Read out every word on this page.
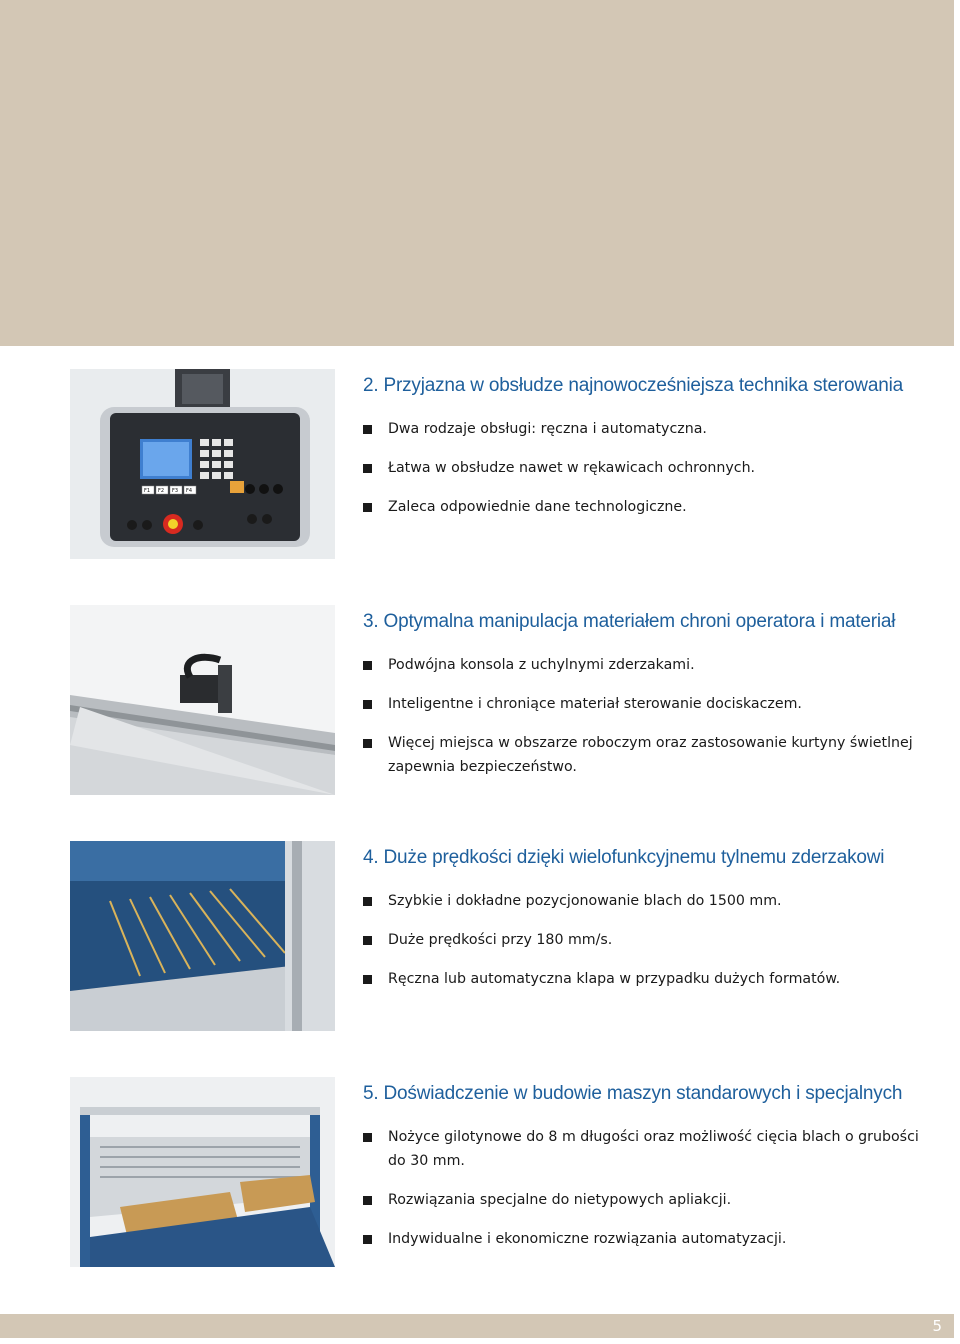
F1 F2 F3 F4
2. Przyjazna w obsłudze najnowocześniejsza technika sterowania
Dwa rodzaje obsługi: ręczna i automatyczna.
Łatwa w obsłudze nawet w rękawicach ochronnych.
Zaleca odpowiednie dane technologiczne.
3. Optymalna manipulacja materiałem chroni operatora i materiał
Podwójna konsola z uchylnymi zderzakami.
Inteligentne i chroniące materiał sterowanie dociskaczem.
Więcej miejsca w obszarze roboczym oraz zastosowanie kurtyny świetlnej zapewnia bezpieczeństwo.
4. Duże prędkości dzięki wielofunkcyjnemu tylnemu zderzakowi
Szybkie i dokładne pozycjonowanie blach do 1500 mm.
Duże prędkości przy 180 mm/s.
Ręczna lub automatyczna klapa w przypadku dużych formatów.
5. Doświadczenie w budowie maszyn standarowych i specjalnych
Nożyce gilotynowe do 8 m długości oraz możliwość cięcia blach o grubości do 30 mm.
Rozwiązania specjalne do nietypowych apliakcji.
Indywidualne i ekonomiczne rozwiązania automatyzacji.
5
